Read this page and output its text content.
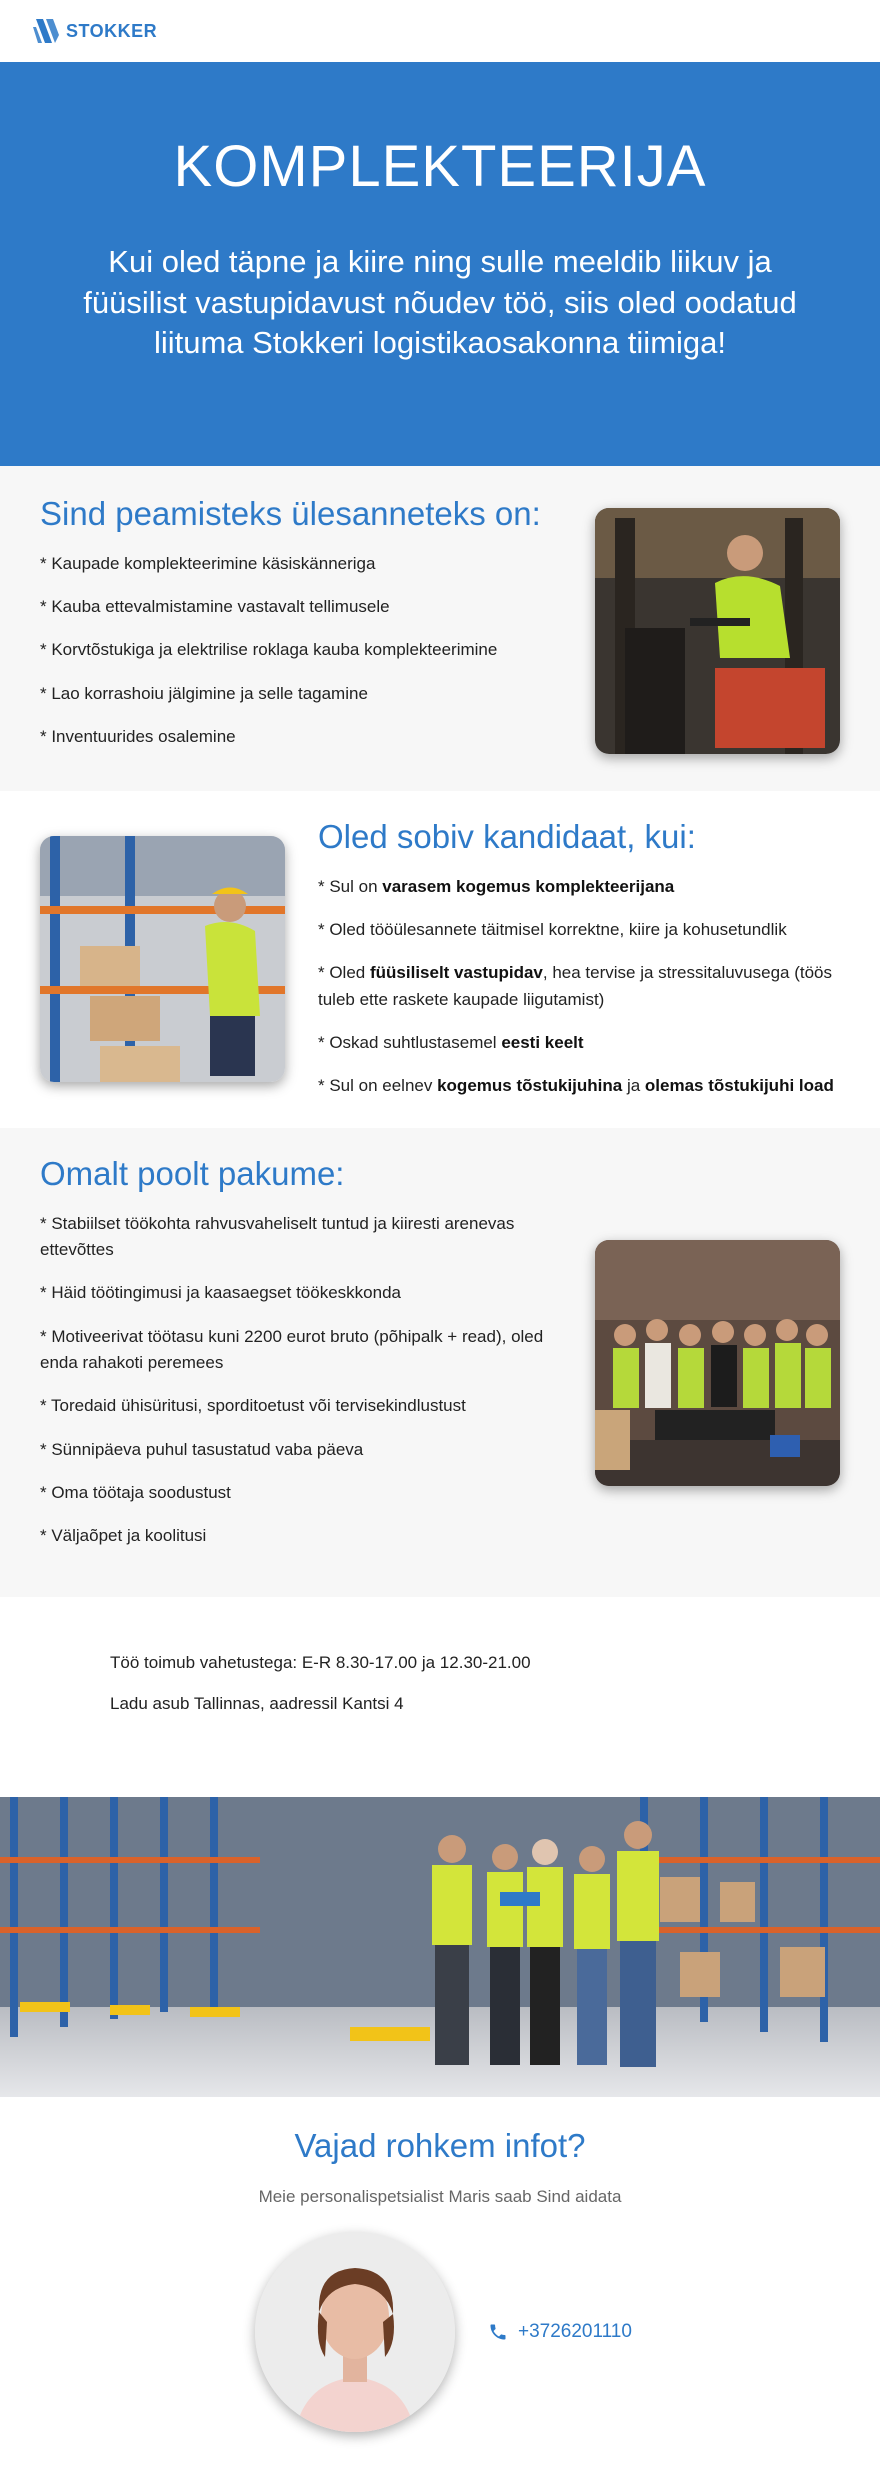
STOKKER
KOMPLEKTEERIJA

Kui oled täpne ja kiire ning sulle meeldib liikuv ja füüsilist vastupidavust nõudev töö, siis oled oodatud liituma Stokkeri logistikaosakonna tiimiga!

Sind peamisteks ülesanneteks on:
* Kaupade komplekteerimine käsiskänneriga
* Kauba ettevalmistamine vastavalt tellimusele
* Korvtõstukiga ja elektrilise roklaga kauba komplekteerimine
* Lao korrashoiu jälgimine ja selle tagamine
* Inventuurides osalemine
Oled sobiv kandidaat, kui:
* Sul on varasem kogemus komplekteerijana
* Oled tööülesannete täitmisel korrektne, kiire ja kohusetundlik
* Oled füüsiliselt vastupidav, hea tervise ja stressitaluvusega (töös tuleb ette raskete kaupade liigutamist)
* Oskad suhtlustasemel eesti keelt
* Sul on eelnev kogemus tõstukijuhina ja olemas tõstukijuhi load
Omalt poolt pakume:
* Stabiilset töökohta rahvusvaheliselt tuntud ja kiiresti arenevas ettevõttes
* Häid töötingimusi ja kaasaegset töökeskkonda
* Motiveerivat töötasu kuni 2200 eurot bruto (põhipalk + read), oled enda rahakoti peremees
* Toredaid ühisüritusi, sporditoetust või tervisekindlustust
* Sünnipäeva puhul tasustatud vaba päeva
* Oma töötaja soodustust
* Väljaõpet ja koolitusi

Töö toimub vahetustega: E-R 8.30-17.00 ja 12.30-21.00

Ladu asub Tallinnas, aadressil Kantsi 4

Vajad rohkem infot?

Meie personalispetsialist Maris saab Sind aidata

+3726201110
